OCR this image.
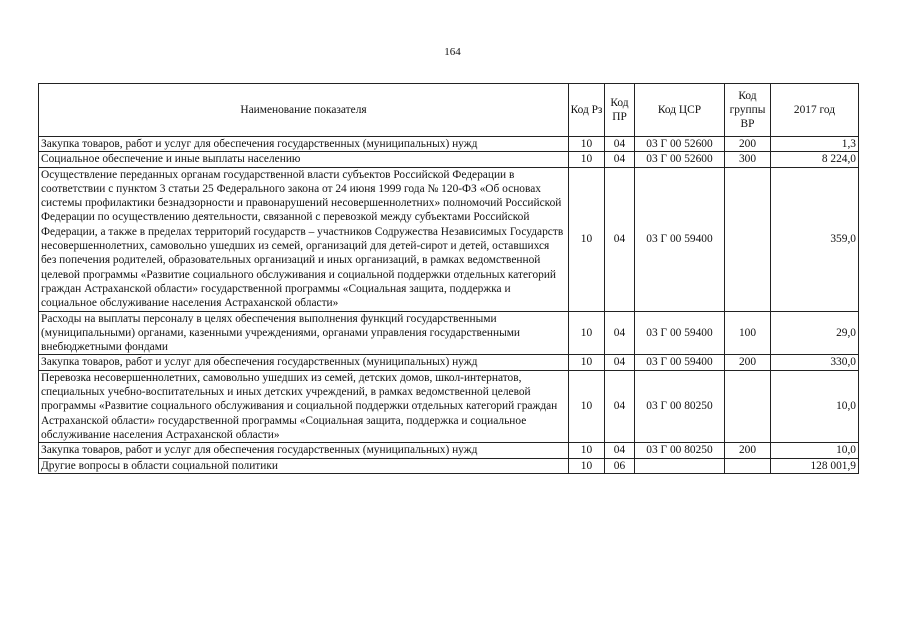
164
Наименование показателя	Код Рз	Код ПР	Код ЦСР	Код группы ВР	2017 год
Закупка товаров, работ и услуг для обеспечения государственных (муниципальных) нужд	10	04	03 Г 00 52600	200	1,3
Социальное обеспечение и иные выплаты населению	10	04	03 Г 00 52600	300	8 224,0
Осуществление переданных органам государственной власти субъектов Российской Федерации в соответствии с пунктом 3 статьи 25 Федерального закона от 24 июня 1999 года № 120-ФЗ «Об основах системы профилактики безнадзорности и правонарушений несовершеннолетних» полномочий Российской Федерации по осуществлению деятельности, связанной с перевозкой между субъектами Российской Федерации, а также в пределах территорий государств – участников Содружества Независимых Государств несовершеннолетних, самовольно ушедших из семей, организаций для детей-сирот и детей, оставшихся без попечения родителей, образовательных организаций и иных организаций, в рамках ведомственной целевой программы «Развитие социального обслуживания и социальной поддержки отдельных категорий граждан Астраханской области» государственной программы «Социальная защита, поддержка и социальное обслуживание населения Астраханской области»	10	04	03 Г 00 59400		359,0
Расходы на выплаты персоналу в целях обеспечения выполнения функций государственными (муниципальными) органами, казенными учреждениями, органами управления государственными внебюджетными фондами	10	04	03 Г 00 59400	100	29,0
Закупка товаров, работ и услуг для обеспечения государственных (муниципальных) нужд	10	04	03 Г 00 59400	200	330,0
Перевозка несовершеннолетних, самовольно ушедших из семей, детских домов, школ-интернатов, специальных учебно-воспитательных и иных детских учреждений, в рамках ведомственной целевой программы «Развитие социального обслуживания и социальной поддержки отдельных категорий граждан Астраханской области» государственной программы «Социальная защита, поддержка и социальное обслуживание населения Астраханской области»	10	04	03 Г 00 80250		10,0
Закупка товаров, работ и услуг для обеспечения государственных (муниципальных) нужд	10	04	03 Г 00 80250	200	10,0
Другие вопросы в области социальной политики	10	06			128 001,9
